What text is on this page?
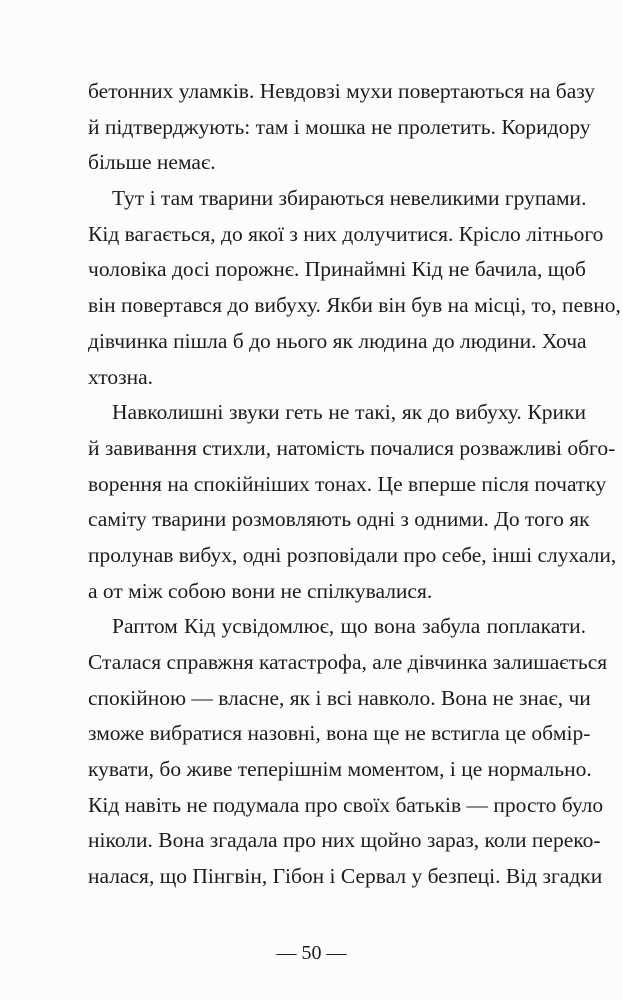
бетонних уламків. Невдовзі мухи повертаються на базу
й підтверджують: там і мошка не пролетить. Коридору
більше немає.
Тут і там тварини збираються невеликими групами.
Кід вагається, до якої з них долучитися. Крісло літнього
чоловіка досі порожнє. Принаймні Кід не бачила, щоб
він повертався до вибуху. Якби він був на місці, то, певно,
дівчинка пішла б до нього як людина до людини. Хоча
хтозна.
Навколишні звуки геть не такі, як до вибуху. Крики
й завивання стихли, натомість почалися розважливі обго-
ворення на спокійніших тонах. Це вперше після початку
саміту тварини розмовляють одні з одними. До того як
пролунав вибух, одні розповідали про себе, інші слухали,
а от між собою вони не спілкувалися.
Раптом Кід усвідомлює, що вона забула поплакати.
Сталася справжня катастрофа, але дівчинка залишається
спокійною — власне, як і всі навколо. Вона не знає, чи
зможе вибратися назовні, вона ще не встигла це обмір-
кувати, бо живе теперішнім моментом, і це нормально.
Кід навіть не подумала про своїх батьків — просто було
ніколи. Вона згадала про них щойно зараз, коли переко-
налася, що Пінгвін, Гібон і Сервал у безпеці. Від згадки
— 50 —
